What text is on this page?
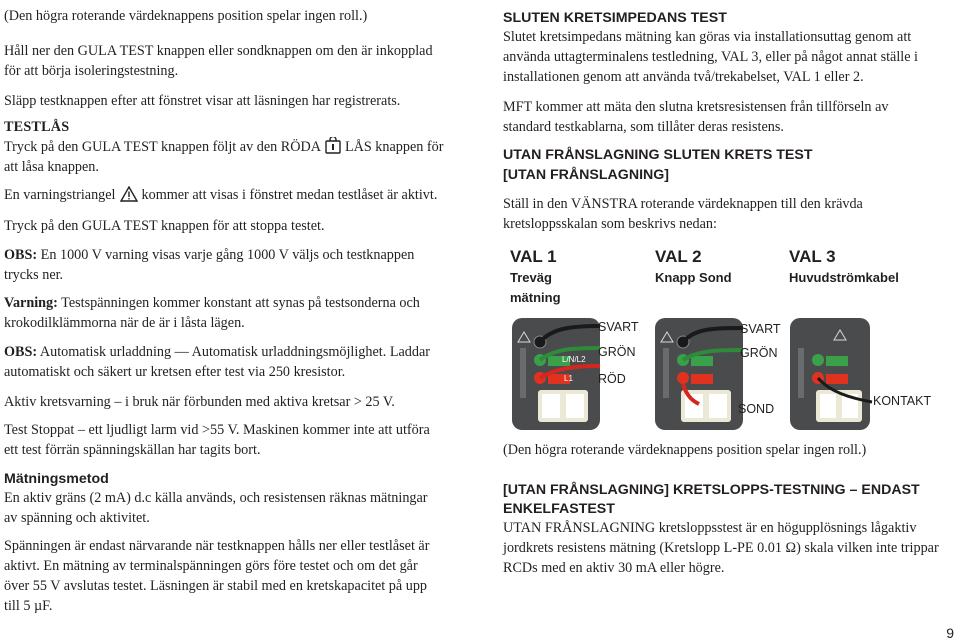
(Den högra roterande värdeknappens position spelar ingen roll.)

Håll ner den GULA TEST knappen eller sondknappen om den är inkopplad

för att börja isoleringstestning.

Släpp testknappen efter att fönstret visar att läsningen har registrerats.

TESTLÅS

Tryck på den GULA TEST knappen följt av den RÖDA LÅS knappen för

att låsa knappen.

En varningstriangel kommer att visas i fönstret medan testlåset är aktivt.

Tryck på den GULA TEST knappen för att stoppa testet.

OBS: En 1000 V varning visas varje gång 1000 V väljs och testknappen

trycks ner.

Varning: Testspänningen kommer konstant att synas på testsonderna och

krokodilklämmorna när de är i låsta lägen.

OBS: Automatisk urladdning — Automatisk urladdningsmöjlighet. Laddar

automatiskt och säkert ur kretsen efter test via 250 kresistor.

Aktiv kretsvarning – i bruk när förbunden med aktiva kretsar > 25 V.

Test Stoppat – ett ljudligt larm vid >55 V. Maskinen kommer inte att utföra

ett test förrän spänningskällan har tagits bort.

Mätningsmetod

En aktiv gräns (2 mA) d.c källa används, och resistensen räknas mätningar

av spänning och aktivitet.

Spänningen är endast närvarande när testknappen hålls ner eller testlåset är

aktivt. En mätning av terminalspänningen görs före testet och om det går

över 55 V avslutas testet. Läsningen är stabil med en kretskapacitet på upp

till 5 µF.

SLUTEN KRETSIMPEDANS TEST

Slutet kretsimpedans mätning kan göras via installationsuttag genom att

använda uttagterminalens testledning, VAL 3, eller på något annat ställe i

installationen genom att använda två/trekabelset, VAL 1 eller 2.

MFT kommer att mäta den slutna kretsresistensen från tillförseln av

standard testkablarna, som tillåter deras resistens.

UTAN FRÅNSLAGNING SLUTEN KRETS TEST

[UTAN FRÅNSLAGNING]

Ställ in den VÄNSTRA roterande värdeknappen till den krävda

kretsloppsskalan som beskrivs nedan:

(Den högra roterande värdeknappens position spelar ingen roll.)

[UTAN FRÅNSLAGNING] KRETSLOPPS-TESTNING – ENDAST

ENKELFASTEST

UTAN FRÅNSLAGNING kretsloppsstest är en högupplösnings lågaktiv

jordkrets resistens mätning (Kretslopp L-PE 0.01 Ω) skala vilken inte trippar

RCDs med en aktiv 30 mA eller högre.

VAL 1
Treväg
mätning
VAL 2
Knapp Sond
VAL 3
Huvudströmkabel
SVART
GRÖN
RÖD
L/N/L2
L1
SVART
GRÖN
SOND
KONTAKT
9
